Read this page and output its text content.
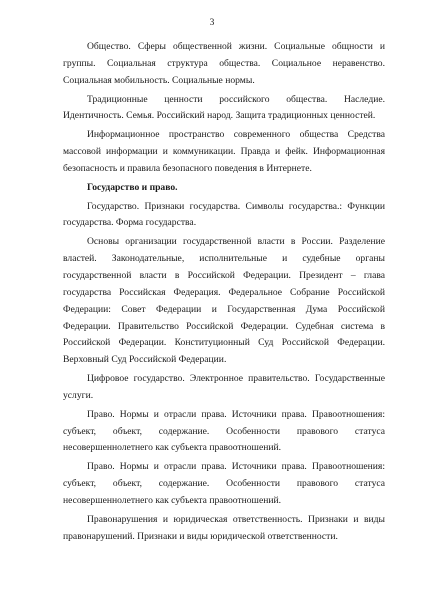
3

Общество. Сферы общественной жизни. Социальные общности и группы. Социальная структура общества. Социальное неравенство. Социальная мобильность. Социальные нормы.

Традиционные ценности российского общества. Наследие. Идентичность. Семья. Российский народ. Защита традиционных ценностей.

Информационное пространство современного общества Средства массовой информации и коммуникации. Правда и фейк. Информационная безопасность и правила безопасного поведения в Интернете.

Государство и право.

Государство. Признаки государства. Символы государства.: Функции государства. Форма государства.

Основы организации государственной власти в России. Разделение властей. Законодательные, исполнительные и судебные органы государственной власти в Российской Федерации. Президент – глава государства Российская Федерация. Федеральное Собрание Российской Федерации: Совет Федерации и Государственная Дума Российской Федерации. Правительство Российской Федерации. Судебная система в Российской Федерации. Конституционный Суд Российской Федерации. Верховный Суд Российской Федерации.

Цифровое государство. Электронное правительство. Государственные услуги.

Право. Нормы и отрасли права. Источники права. Правоотношения: субъект, объект, содержание. Особенности правового статуса несовершеннолетнего как субъекта правоотношений.

Право. Нормы и отрасли права. Источники права. Правоотношения: субъект, объект, содержание. Особенности правового статуса несовершеннолетнего как субъекта правоотношений.

Правонарушения и юридическая ответственность. Признаки и виды правонарушений. Признаки и виды юридической ответственности.
